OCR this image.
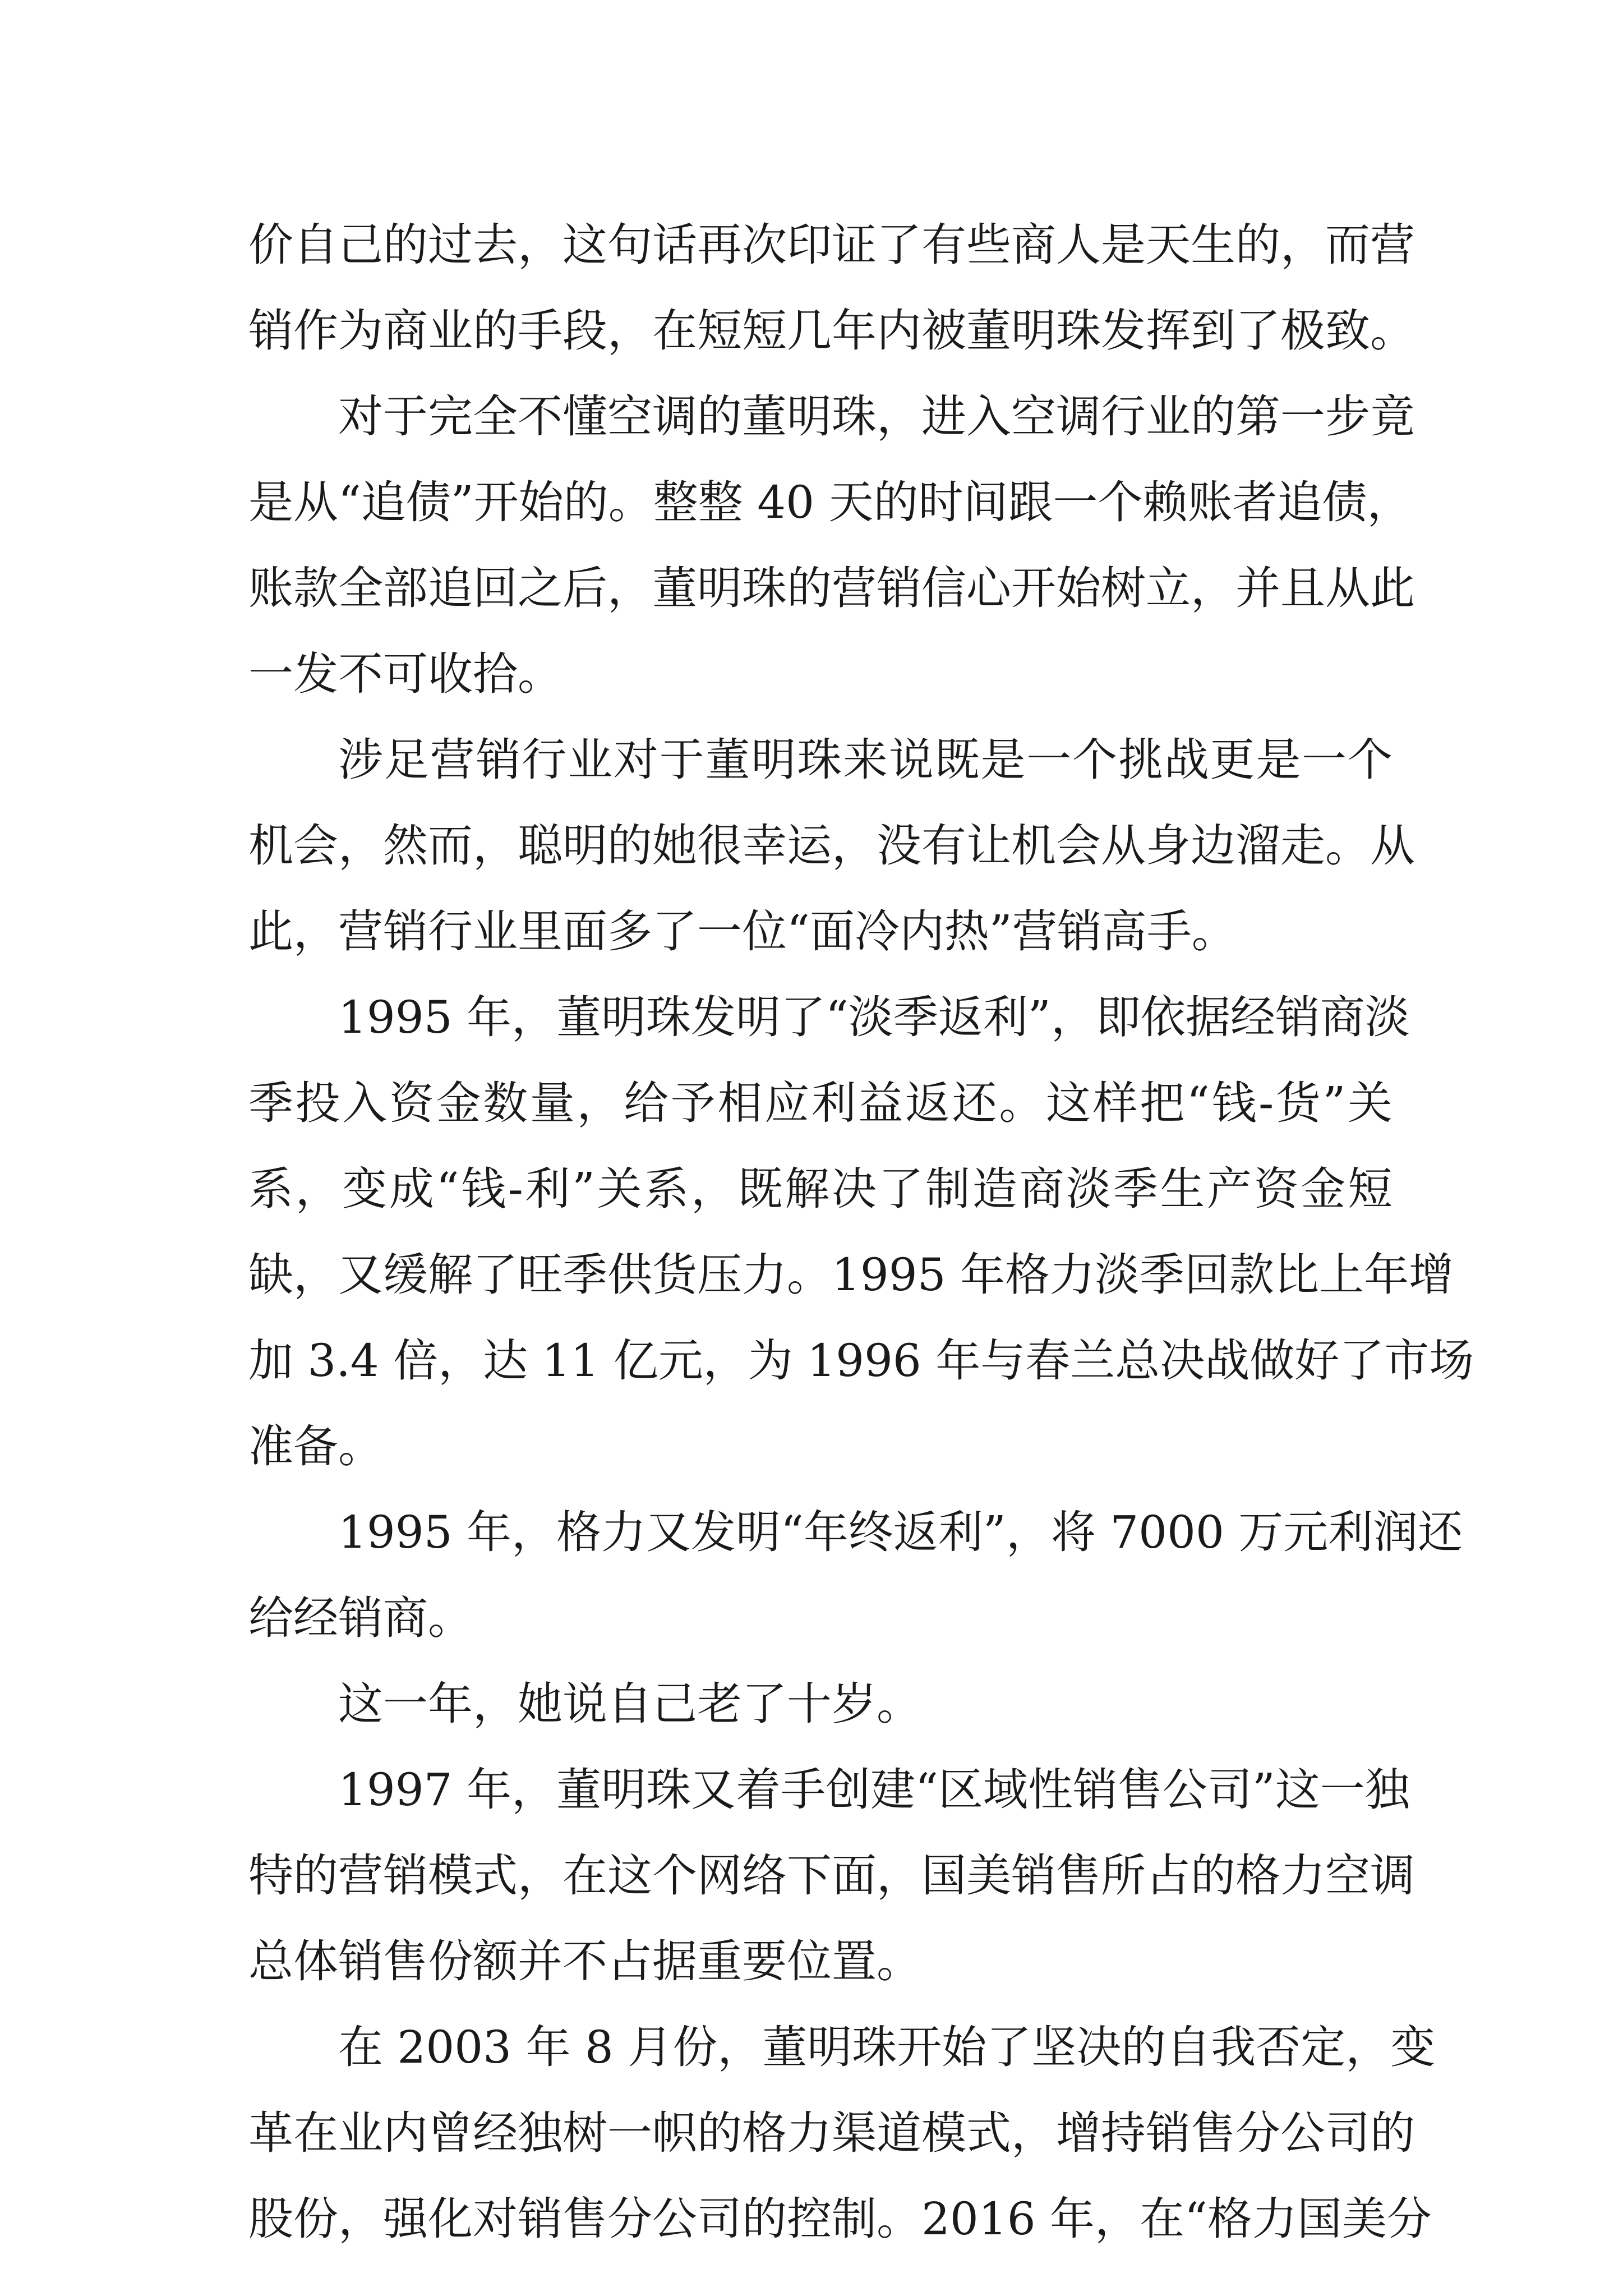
价自己的过去，这句话再次印证了有些商人是天生的，而营
销作为商业的手段，在短短几年内被董明珠发挥到了极致。
对于完全不懂空调的董明珠，进入空调行业的第一步竟
是从“追债”开始的。整整 40 天的时间跟一个赖账者追债，
账款全部追回之后，董明珠的营销信心开始树立，并且从此
一发不可收拾。
涉足营销行业对于董明珠来说既是一个挑战更是一个
机会，然而，聪明的她很幸运，没有让机会从身边溜走。从
此，营销行业里面多了一位“面冷内热”营销高手。
1995 年，董明珠发明了“淡季返利”，即依据经销商淡
季投入资金数量，给予相应利益返还。这样把“钱-货”关
系，变成“钱-利”关系，既解决了制造商淡季生产资金短
缺，又缓解了旺季供货压力。1995 年格力淡季回款比上年增
加 3.4 倍，达 11 亿元，为 1996 年与春兰总决战做好了市场
准备。
1995 年，格力又发明“年终返利”，将 7000 万元利润还
给经销商。
这一年，她说自己老了十岁。
1997 年，董明珠又着手创建“区域性销售公司”这一独
特的营销模式，在这个网络下面，国美销售所占的格力空调
总体销售份额并不占据重要位置。
在 2003 年 8 月份，董明珠开始了坚决的自我否定，变
革在业内曾经独树一帜的格力渠道模式，增持销售分公司的
股份，强化对销售分公司的控制。2016 年，在“格力国美分
